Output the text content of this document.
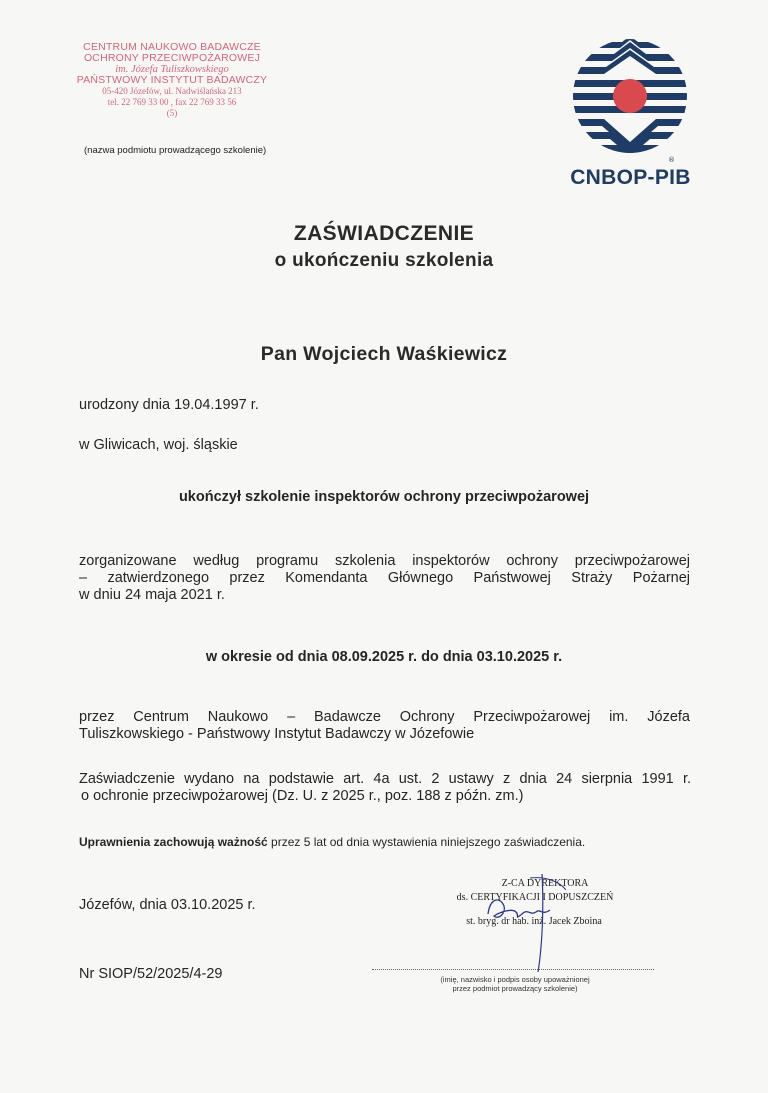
CENTRUM NAUKOWO BADAWCZE
OCHRONY PRZECIWPOŻAROWEJ
im. Józefa Tuliszkowskiego
PAŃSTWOWY INSTYTUT BADAWCZY
05-420 Józefów, ul. Nadwiślańska 213
tel. 22 769 33 00 , fax 22 769 33 56
(5)
(nazwa podmiotu prowadzącego szkolenie)
®
CNBOP-PIB
ZAŚWIADCZENIE
o ukończeniu szkolenia
Pan Wojciech Waśkiewicz
urodzony dnia 19.04.1997 r.
w Gliwicach, woj. śląskie
ukończył szkolenie inspektorów ochrony przeciwpożarowej
zorganizowane według programu szkolenia inspektorów ochrony przeciwpożarowej
– zatwierdzonego przez Komendanta Głównego Państwowej Straży Pożarnej
w dniu 24 maja 2021 r.
w okresie od dnia 08.09.2025 r. do dnia 03.10.2025 r.
przez Centrum Naukowo – Badawcze Ochrony Przeciwpożarowej im. Józefa
Tuliszkowskiego - Państwowy Instytut Badawczy w Józefowie
Zaświadczenie wydano na podstawie art. 4a ust. 2 ustawy z dnia 24 sierpnia 1991 r.
o ochronie przeciwpożarowej (Dz. U. z 2025 r., poz. 188 z późn. zm.)
Uprawnienia zachowują ważność przez 5 lat od dnia wystawienia niniejszego zaświadczenia.
Józefów, dnia 03.10.2025 r.
Z-CA DYREKTORA
ds. CERTYFIKACJI I DOPUSZCZEŃ
st. bryg. dr hab. inż. Jacek Zboina
(imię, nazwisko i podpis osoby upoważnionej
przez podmiot prowadzący szkolenie)
Nr SIOP/52/2025/4-29
